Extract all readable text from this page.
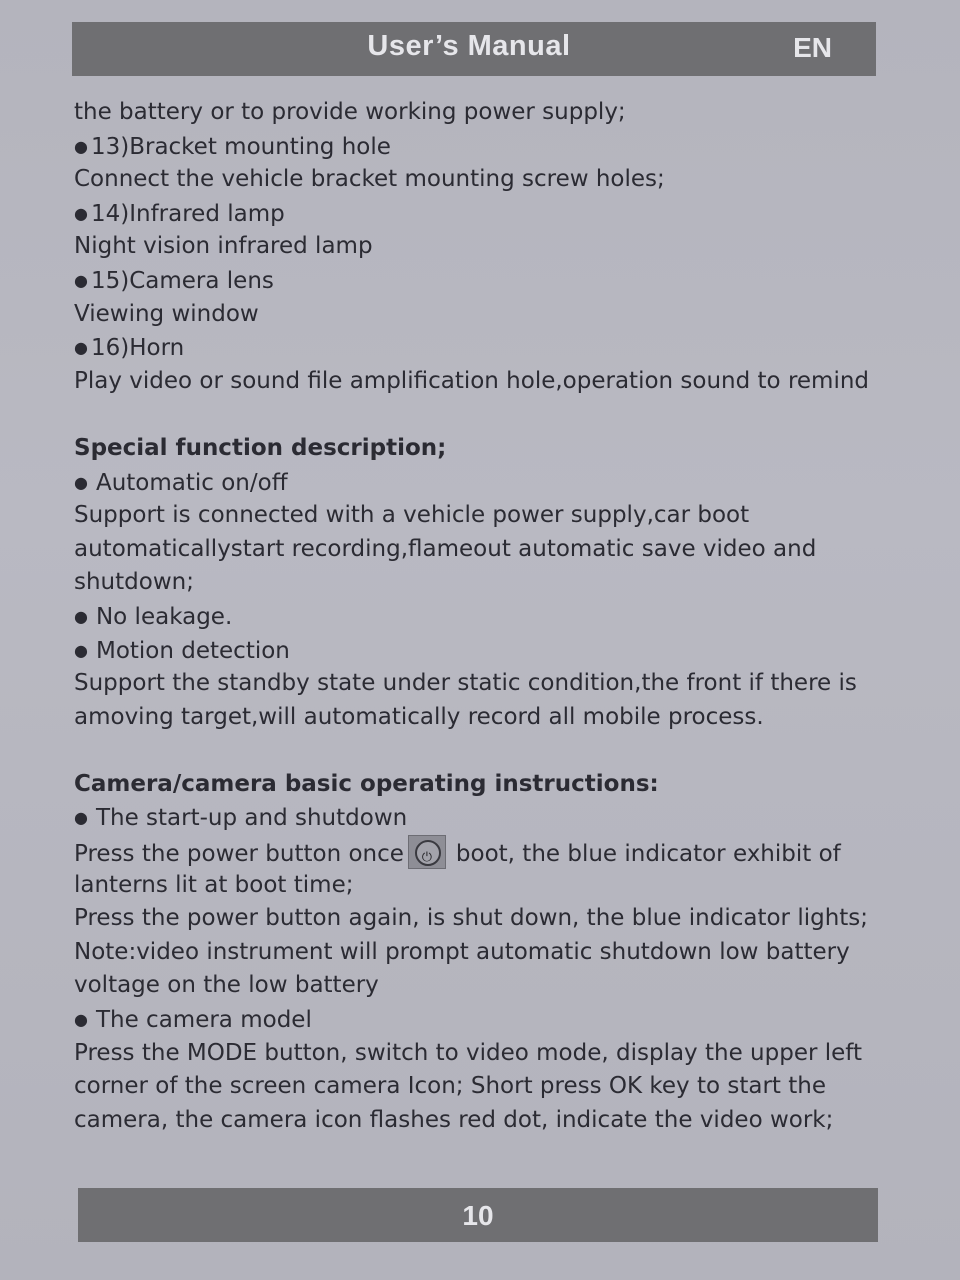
User’s Manual	EN
the battery or to provide working power supply;
● 13)Bracket mounting hole
Connect the vehicle bracket mounting screw holes;
● 14)Infrared lamp
Night vision infrared lamp
● 15)Camera lens
Viewing window
● 16)Horn
Play video or sound file amplification hole,operation sound to remind
Special function description;
● Automatic on/off
Support is connected with a vehicle power supply,car boot
automaticallystart recording,flameout automatic save video and
shutdown;
● No leakage.
● Motion detection
Support the standby state under static condition,the front if there is
amoving target,will automatically record all mobile process.
Camera/camera basic operating instructions:
● The start-up and shutdown
Press the power button once⏻ boot, the blue indicator exhibit of
lanterns lit at boot time;
Press the power button again, is shut down, the blue indicator lights;
Note:video instrument will prompt automatic shutdown low battery
voltage on the low battery
● The camera model
Press the MODE button, switch to video mode, display the upper left
corner of the screen camera Icon; Short press OK key to start the
camera, the camera icon flashes red dot, indicate the video work;
10
